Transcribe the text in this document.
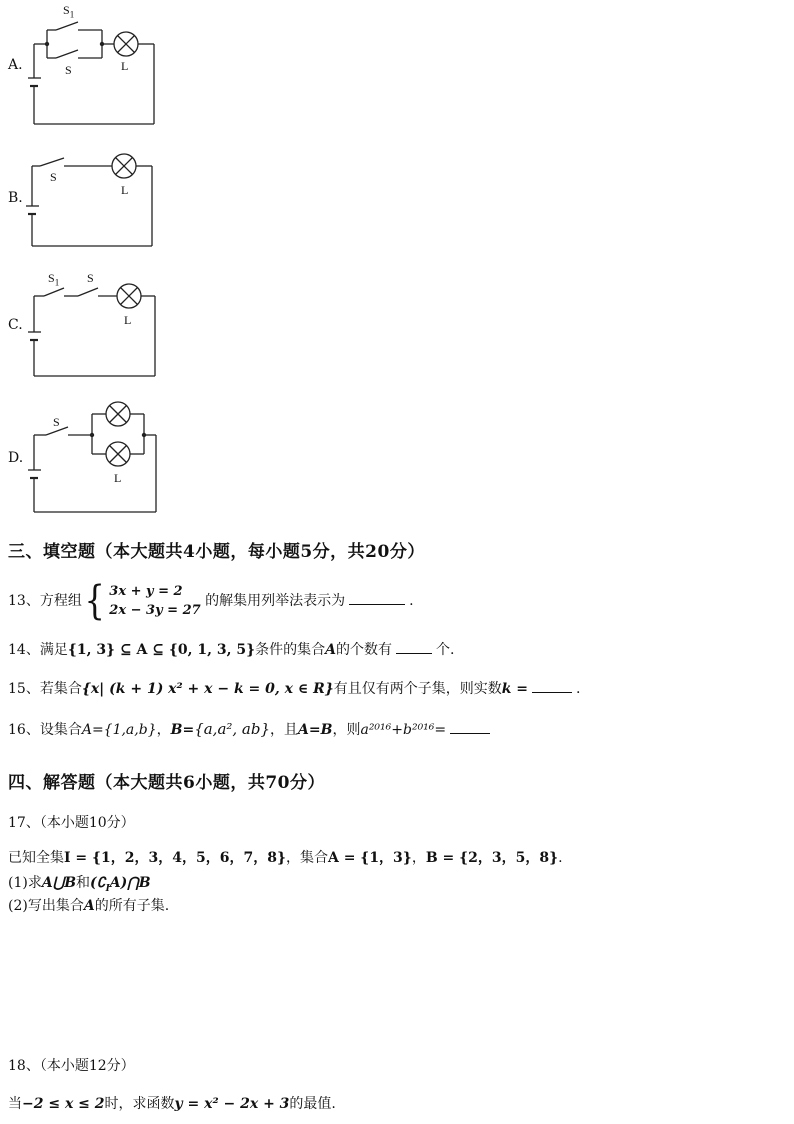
A.
$S_1$
S	L
B.
S
L
C.
$S_1$ S
L
D.
S
L
三、填空题（本大题共4小题，每小题5分，共20分）
13、方程组 { 3x + y = 2
2x − 3y = 27
的解集用列举法表示为	.
14、满足{1, 3} ⊆ A ⊆ {0, 1, 3, 5}条件的集合A的个数有	个.
15、若集合{x| (k + 1) x² + x − k = 0, x ∈ R}有且仅有两个子集，则实数k =	.
16、设集合A={1,a,b}，B={a,a², ab}，且A=B，则a²⁰¹⁶+b²⁰¹⁶=
四、解答题（本大题共6小题，共70分）
17、（本小题10分）
已知全集I = {1，2，3，4，5，6，7，8}，集合A = {1，3}，B = {2，3，5，8}.
(1)求A⋃B和$(∁_IA)⋂B$
(2)写出集合A的所有子集.
18、（本小题12分）
当−2 ≤ x ≤ 2时，求函数y = x² − 2x + 3的最值.
